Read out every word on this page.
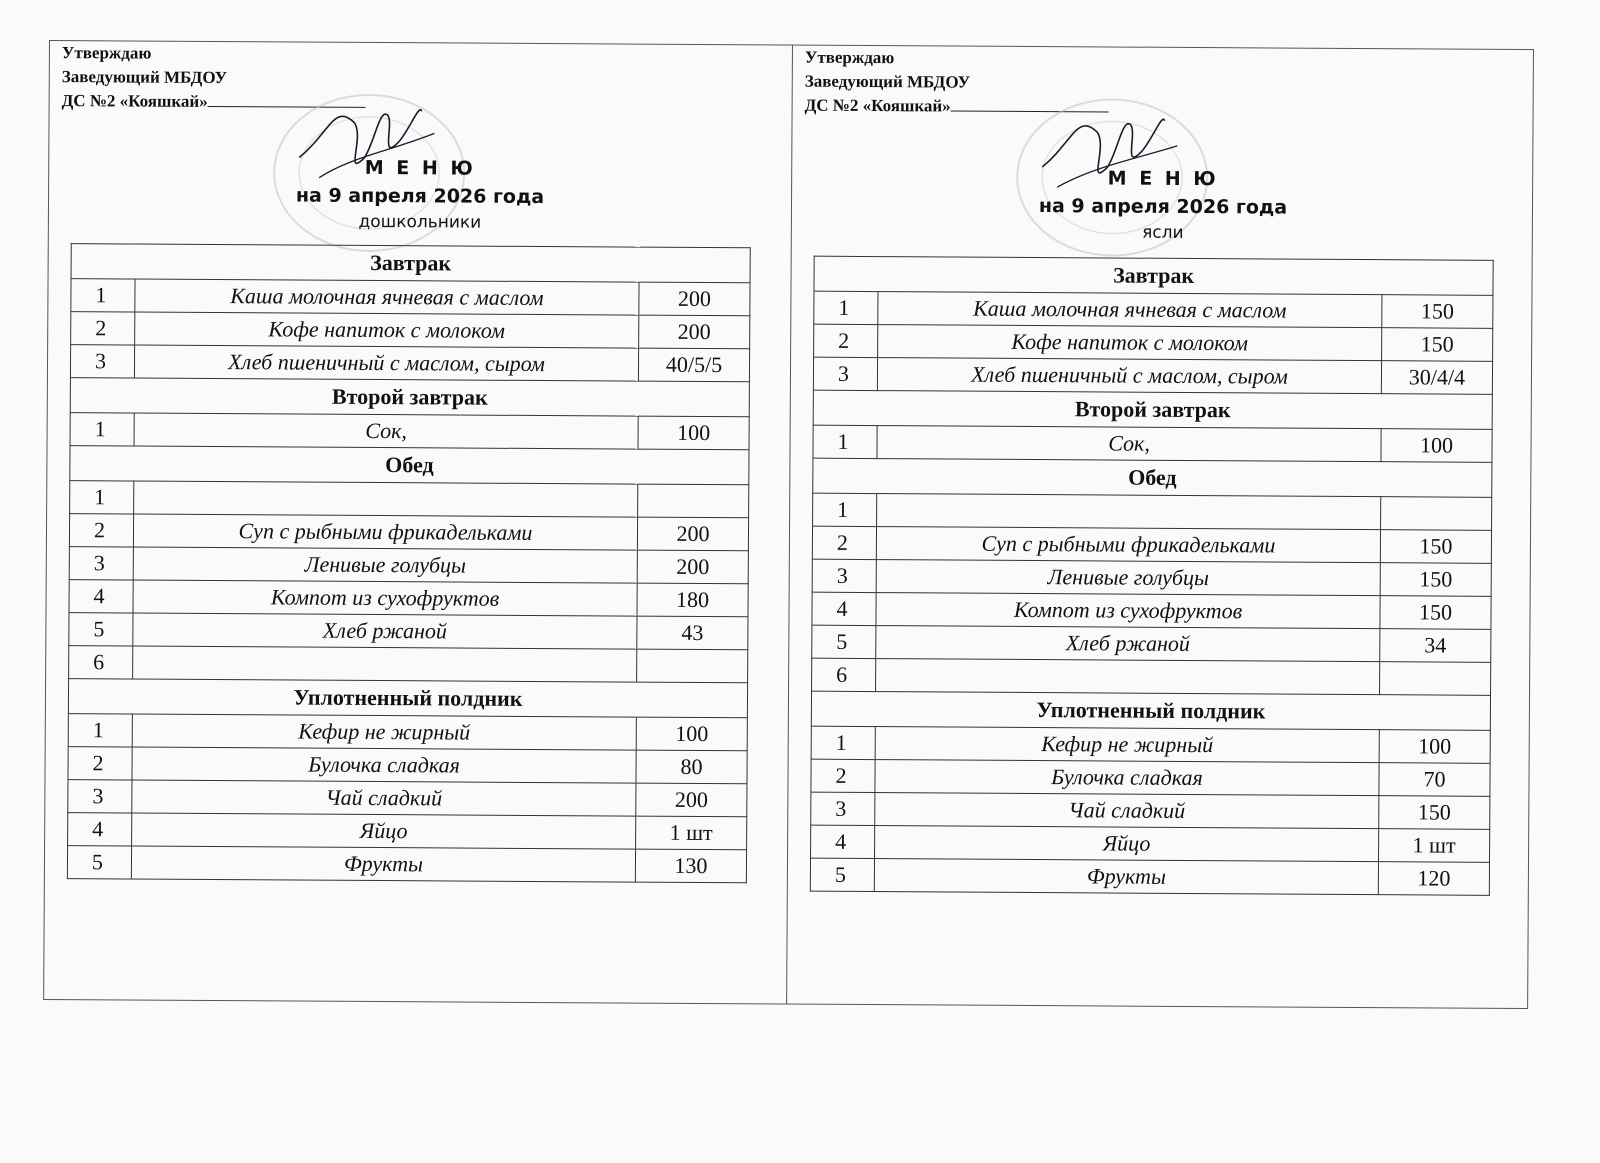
Утверждаю
Заведующий МБДОУ
ДС №2 «Кояшкай»
М Е Н Ю
на 9 апреля 2026 года
дошкольники
Завтрак		
1	Каша молочная ячневая с маслом	200
2	Кофе напиток с молоком	200
3	Хлеб пшеничный с маслом, сыром	40/5/5
Второй завтрак		
1	Сок,	100
Обед		
1		
2	Суп с рыбными фрикадельками	200
3	Ленивые голубцы	200
4	Компот из сухофруктов	180
5	Хлеб ржаной	43
6		
Уплотненный полдник		
1	Кефир не жирный	100
2	Булочка сладкая	80
3	Чай сладкий	200
4	Яйцо	1 шт
5	Фрукты	130
Утверждаю
Заведующий МБДОУ
ДС №2 «Кояшкай»
М Е Н Ю
на 9 апреля 2026 года
ясли
Завтрак		
1	Каша молочная ячневая с маслом	150
2	Кофе напиток с молоком	150
3	Хлеб пшеничный с маслом, сыром	30/4/4
Второй завтрак		
1	Сок,	100
Обед		
1		
2	Суп с рыбными фрикадельками	150
3	Ленивые голубцы	150
4	Компот из сухофруктов	150
5	Хлеб ржаной	34
6		
Уплотненный полдник		
1	Кефир не жирный	100
2	Булочка сладкая	70
3	Чай сладкий	150
4	Яйцо	1 шт
5	Фрукты	120
